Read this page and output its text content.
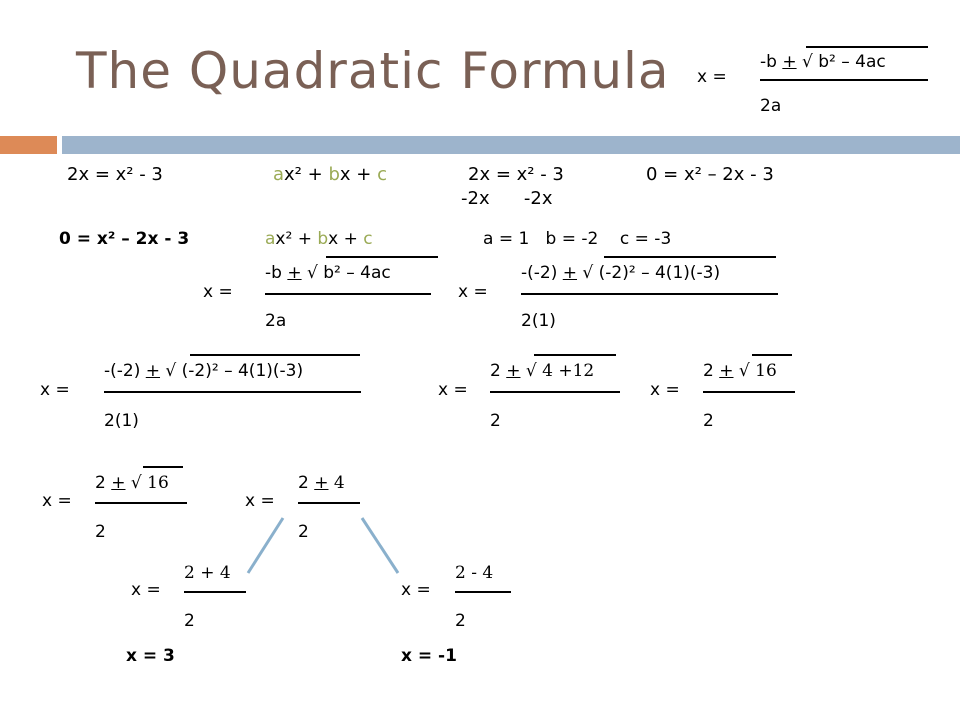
The Quadratic Formula x =
-b + √ b² – 4ac
2a
2x = x² - 3	ax² + bx + c	2x = x² - 3
-2x      -2x
0 = x² – 2x - 3
0 = x² – 2x - 3	ax² + bx + c	a = 1   b = -2    c = -3
x =
-b + √ b² – 4ac
2a
x =
-(-2) + √ (-2)² – 4(1)(-3)
2(1)
x =
-(-2) + √ (-2)² – 4(1)(-3)
2(1)
x =
2 + √ 4 +12
2
x =
2 + √ 16
2
x =
2 + √ 16
2
x =
2 + 4
2
x =
2 + 4
2
x =
2 - 4
2
x = 3	x = -1
